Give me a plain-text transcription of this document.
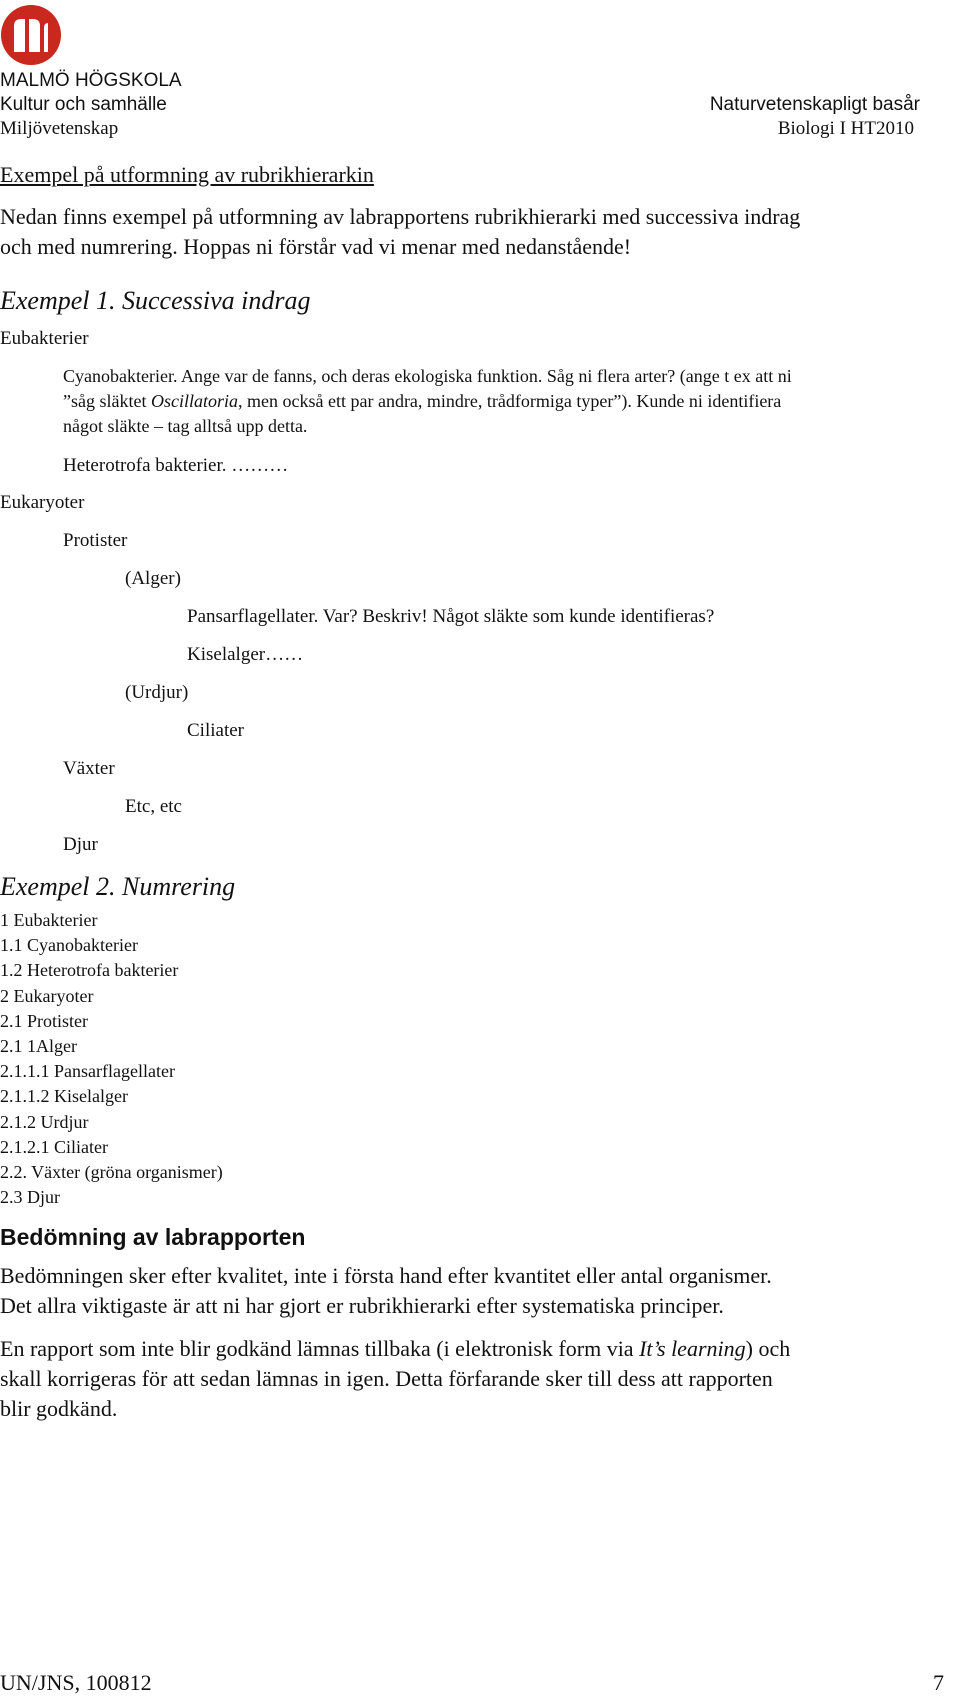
MALMÖ HÖGSKOLA
Kultur och samhälle
Miljövetenskap
Naturvetenskapligt basår
Biologi I HT2010
Exempel på utformning av rubrikhierarkin
Nedan finns exempel på utformning av labrapportens rubrikhierarki med successiva indrag
och med numrering. Hoppas ni förstår vad vi menar med nedanstående!
Exempel 1. Successiva indrag
Eubakterier
Cyanobakterier. Ange var de fanns, och deras ekologiska funktion. Såg ni flera arter? (ange t ex att ni
”såg släktet Oscillatoria, men också ett par andra, mindre, trådformiga typer”). Kunde ni identifiera
något släkte – tag alltså upp detta.
Heterotrofa bakterier. ………
Eukaryoter
Protister
(Alger)
Pansarflagellater. Var? Beskriv! Något släkte som kunde identifieras?
Kiselalger……
(Urdjur)
Ciliater
Växter
Etc, etc
Djur
Exempel 2. Numrering
1 Eubakterier
1.1 Cyanobakterier
1.2 Heterotrofa bakterier
2 Eukaryoter
2.1 Protister
2.1 1Alger
2.1.1.1 Pansarflagellater
2.1.1.2 Kiselalger
2.1.2 Urdjur
2.1.2.1 Ciliater
2.2. Växter (gröna organismer)
2.3 Djur
Bedömning av labrapporten
Bedömningen sker efter kvalitet, inte i första hand efter kvantitet eller antal organismer.
Det allra viktigaste är att ni har gjort er rubrikhierarki efter systematiska principer.
En rapport som inte blir godkänd lämnas tillbaka (i elektronisk form via It’s learning) och
skall korrigeras för att sedan lämnas in igen. Detta förfarande sker till dess att rapporten
blir godkänd.
UN/JNS, 100812	7
